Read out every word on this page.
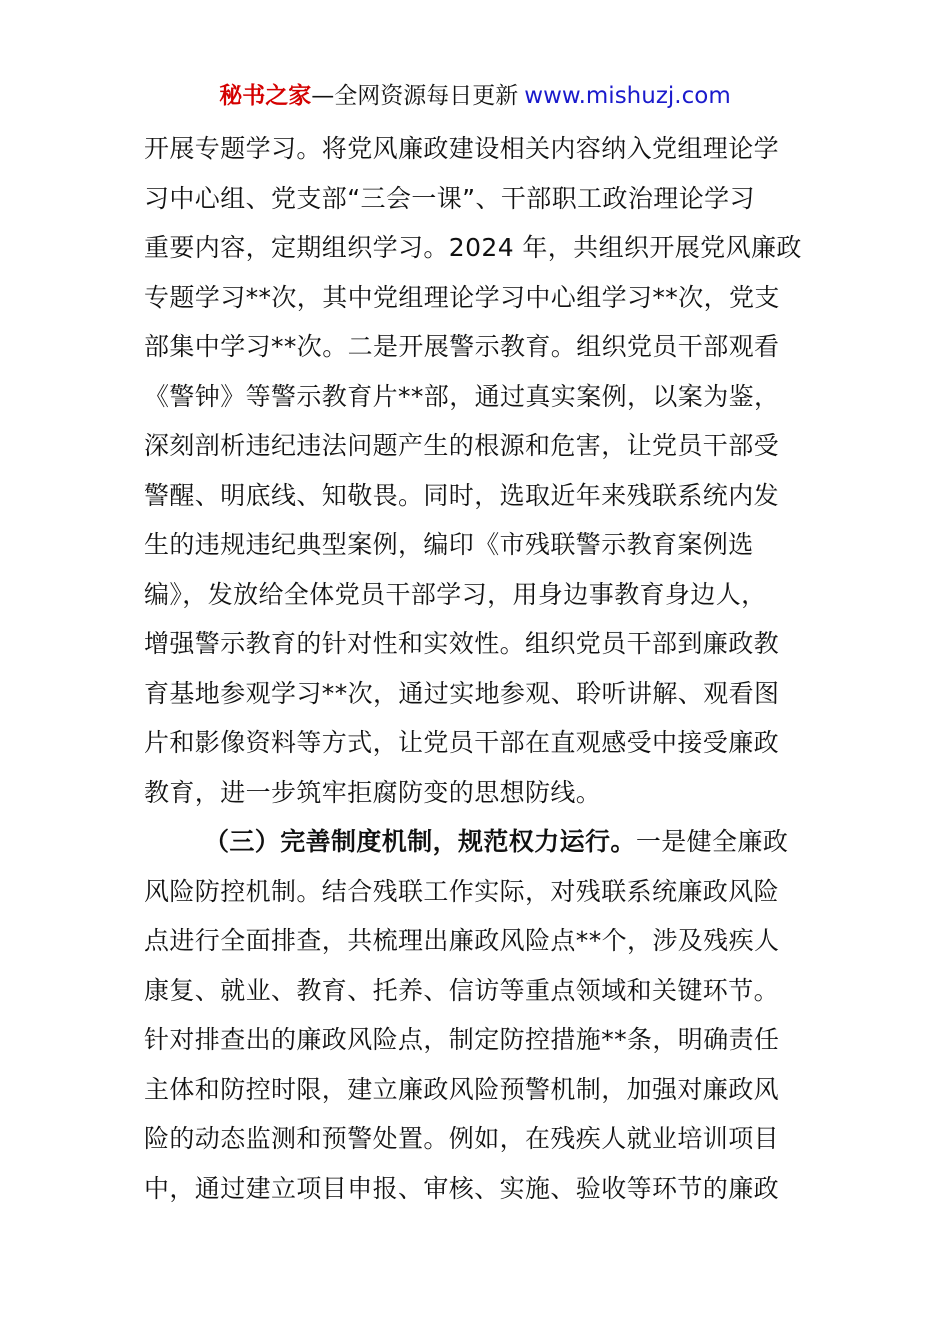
秘书之家—全网资源每日更新 www.mishuzj.com
开展专题学习。将党风廉政建设相关内容纳入党组理论学
习中心组、党支部“三会一课”、干部职工政治理论学习
重要内容，定期组织学习。2024 年，共组织开展党风廉政
专题学习**次，其中党组理论学习中心组学习**次，党支
部集中学习**次。二是开展警示教育。组织党员干部观看
《警钟》等警示教育片**部，通过真实案例，以案为鉴，
深刻剖析违纪违法问题产生的根源和危害，让党员干部受
警醒、明底线、知敬畏。同时，选取近年来残联系统内发
生的违规违纪典型案例，编印《市残联警示教育案例选
编》，发放给全体党员干部学习，用身边事教育身边人，
增强警示教育的针对性和实效性。组织党员干部到廉政教
育基地参观学习**次，通过实地参观、聆听讲解、观看图
片和影像资料等方式，让党员干部在直观感受中接受廉政
教育，进一步筑牢拒腐防变的思想防线。
（三）完善制度机制，规范权力运行。一是健全廉政
风险防控机制。结合残联工作实际，对残联系统廉政风险
点进行全面排查，共梳理出廉政风险点**个，涉及残疾人
康复、就业、教育、托养、信访等重点领域和关键环节。
针对排查出的廉政风险点，制定防控措施**条，明确责任
主体和防控时限，建立廉政风险预警机制，加强对廉政风
险的动态监测和预警处置。例如，在残疾人就业培训项目
中，通过建立项目申报、审核、实施、验收等环节的廉政
